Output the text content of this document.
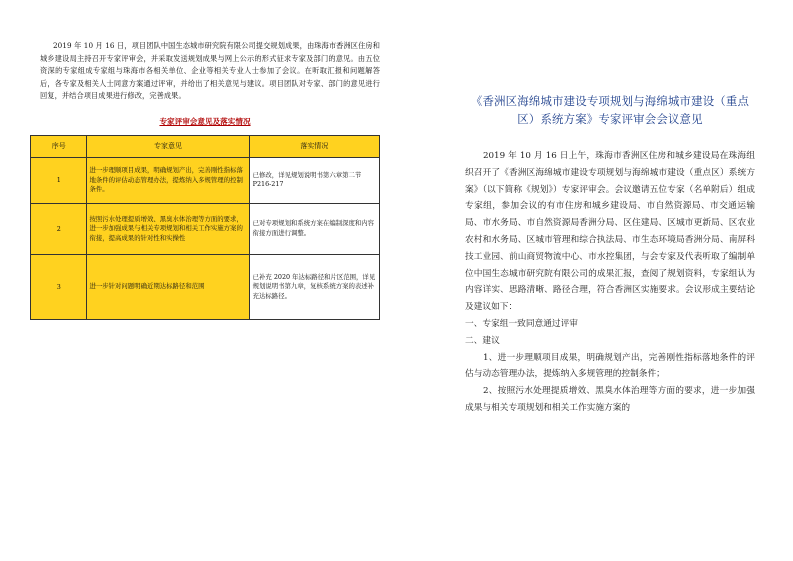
2019 年 10 月 16 日，项目团队中国生态城市研究院有限公司提交规划成果，由珠海市香洲区住房和城乡建设局主持召开专家评审会，并采取发送规划成果与网上公示的形式征求专家及部门的意见。由五位资深的专家组成专家组与珠海市各相关单位、企业等相关专业人士参加了会议。在听取汇报和问题解答后，各专家及相关人士同意方案通过评审，并给出了相关意见与建议。项目团队对专家、部门的意见进行回复，并结合项目成果进行修改，完善成果。

专家评审会意见及落实情况
序号	专家意见	落实情况
1	进一步理顺项目成果，明确规划产出，完善刚性指标落地条件的评估动态管理办法，提炼纳入多规管理的控制条件。	已修改，详见规划说明书第六章第二节 P216-217
2	按照污水处理提质增效、黑臭水体治理等方面的要求，进一步加强成果与相关专项规划和相关工作实施方案的衔接，提高成果的针对性和实操性	已对专项规划和系统方案在编制深度和内容衔接方面进行调整。
3	进一步针对问题明确近期达标路径和范围	已补充 2020 年达标路径和片区范围，详见规划说明书第九章，复核系统方案的表述补充达标路径。
《香洲区海绵城市建设专项规划与海绵城市建设（重点区）系统方案》专家评审会会议意见

2019 年 10 月 16 日上午，珠海市香洲区住房和城乡建设局在珠海组织召开了《香洲区海绵城市建设专项规划与海绵城市建设（重点区）系统方案》（以下简称《规划》）专家评审会。会议邀请五位专家（名单附后）组成专家组，参加会议的有市住房和城乡建设局、市自然资源局、市交通运输局、市水务局、市自然资源局香洲分局、区住建局、区城市更新局、区农业农村和水务局、区城市管理和综合执法局、市生态环境局香洲分局、南屏科技工业园、前山商贸物流中心、市水控集团，与会专家及代表听取了编制单位中国生态城市研究院有限公司的成果汇报，查阅了规划资料，专家组认为内容详实、思路清晰、路径合理，符合香洲区实施要求。会议形成主要结论及建议如下：

一、专家组一致同意通过评审

二、建议

1、进一步理顺项目成果，明确规划产出，完善刚性指标落地条件的评估与动态管理办法，提炼纳入多规管理的控制条件；

2、按照污水处理提质增效、黑臭水体治理等方面的要求，进一步加强成果与相关专项规划和相关工作实施方案的
